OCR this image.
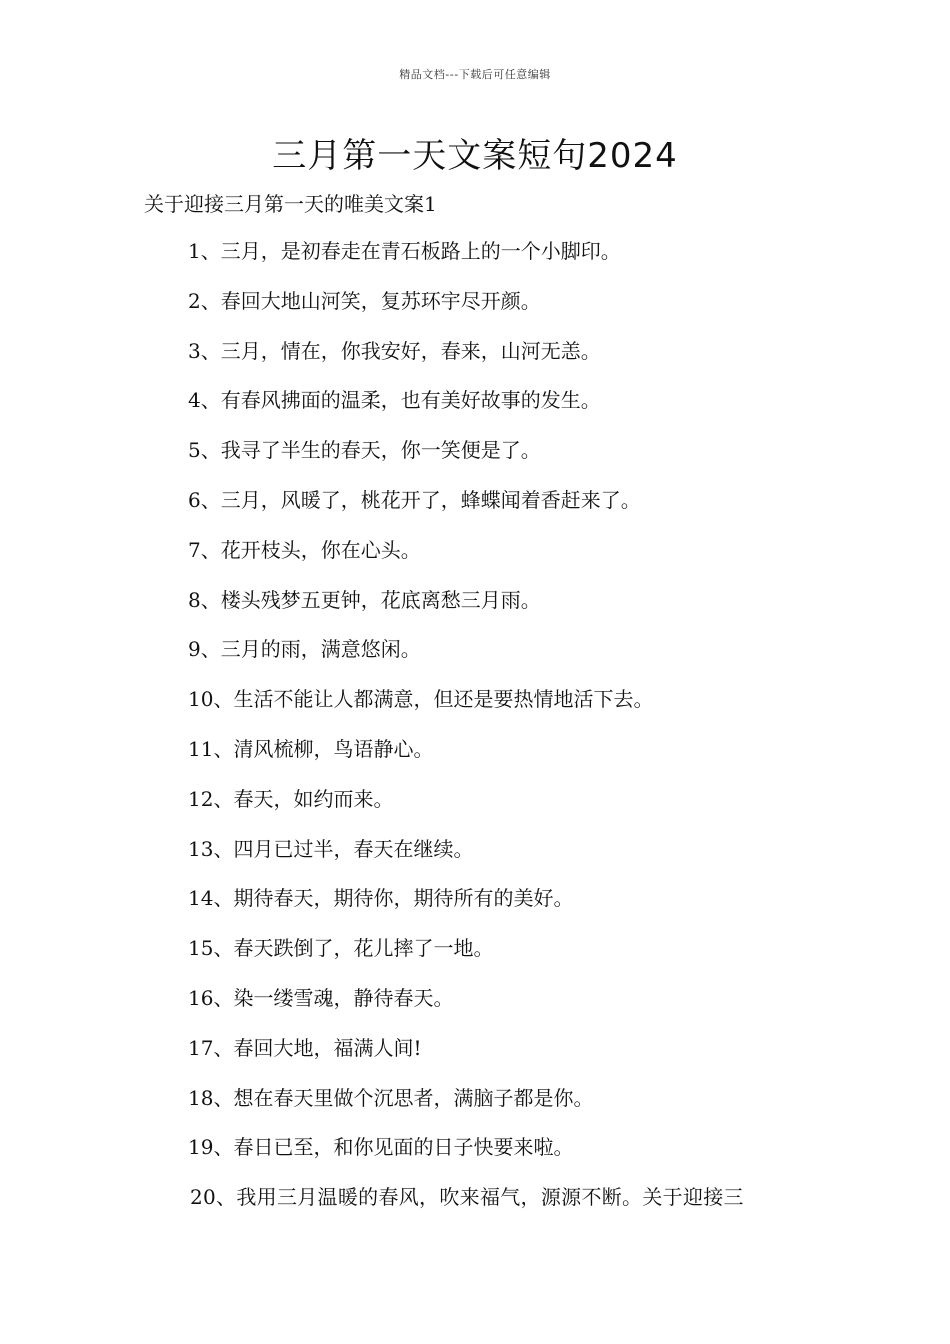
精品文档---下载后可任意编辑
三月第一天文案短句2024
关于迎接三月第一天的唯美文案1
1、三月，是初春走在青石板路上的一个小脚印。
2、春回大地山河笑，复苏环宇尽开颜。
3、三月，情在，你我安好，春来，山河无恙。
4、有春风拂面的温柔，也有美好故事的发生。
5、我寻了半生的春天，你一笑便是了。
6、三月，风暖了，桃花开了，蜂蝶闻着香赶来了。
7、花开枝头，你在心头。
8、楼头残梦五更钟，花底离愁三月雨。
9、三月的雨，满意悠闲。
10、生活不能让人都满意，但还是要热情地活下去。
11、清风梳柳，鸟语静心。
12、春天，如约而来。
13、四月已过半，春天在继续。
14、期待春天，期待你，期待所有的美好。
15、春天跌倒了，花儿摔了一地。
16、染一缕雪魂，静待春天。
17、春回大地，福满人间!
18、想在春天里做个沉思者，满脑子都是你。
19、春日已至，和你见面的日子快要来啦。
20、我用三月温暖的春风，吹来福气，源源不断。关于迎接三
